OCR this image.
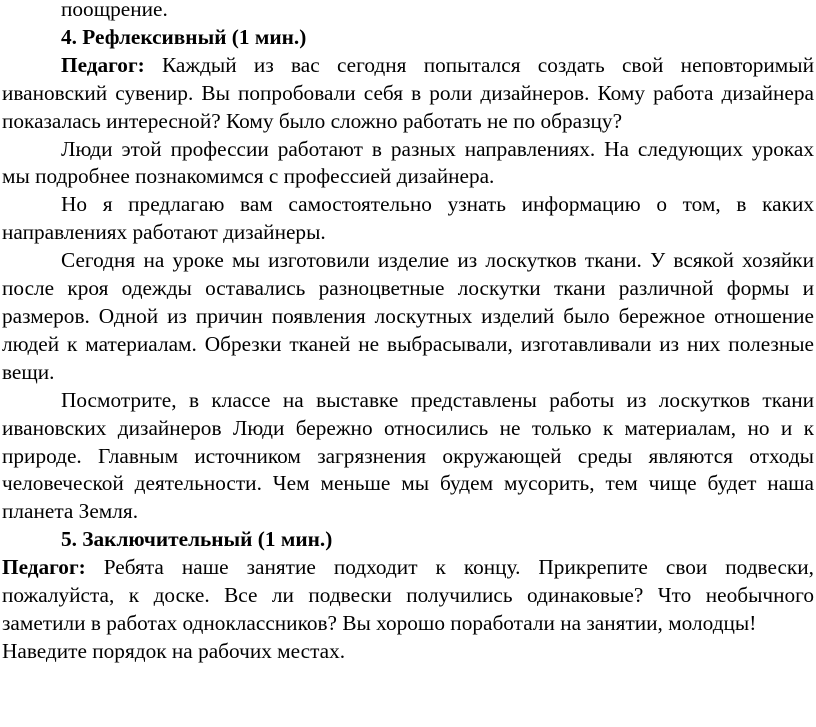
поощрение.

4. Рефлексивный (1 мин.)

Педагог: Каждый из вас сегодня попытался создать свой неповторимый ивановский сувенир. Вы попробовали себя в роли дизайнеров. Кому работа дизайнера показалась интересной? Кому было сложно работать не по образцу?

Люди этой профессии работают в разных направлениях. На следующих уроках мы подробнее познакомимся с профессией дизайнера.

Но я предлагаю вам самостоятельно узнать информацию о том, в каких направлениях работают дизайнеры.

Сегодня на уроке мы изготовили изделие из лоскутков ткани. У всякой хозяйки после кроя одежды оставались разноцветные лоскутки ткани различной формы и размеров. Одной из причин появления лоскутных изделий было бережное отношение людей к материалам. Обрезки тканей не выбрасывали, изготавливали из них полезные вещи.

Посмотрите, в классе на выставке представлены работы из лоскутков ткани ивановских дизайнеров Люди бережно относились не только к материалам, но и к природе. Главным источником загрязнения окружающей среды являются отходы человеческой деятельности. Чем меньше мы будем мусорить, тем чище будет наша планета Земля.

5. Заключительный (1 мин.)

Педагог: Ребята наше занятие подходит к концу. Прикрепите свои подвески, пожалуйста, к доске. Все ли подвески получились одинаковые? Что необычного заметили в работах одноклассников? Вы хорошо поработали на занятии, молодцы!

Наведите порядок на рабочих местах.
